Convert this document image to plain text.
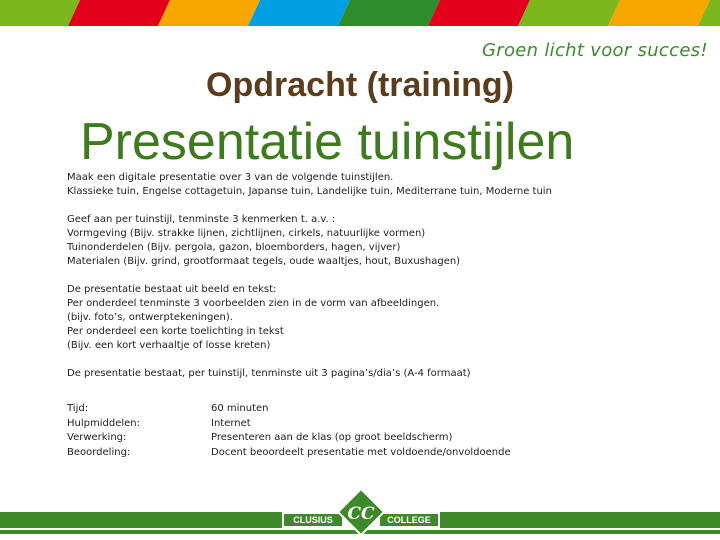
Groen licht voor succes!
Opdracht (training)
Presentatie tuinstijlen

Maak een digitale presentatie over 3 van de volgende tuinstijlen.

Klassieke tuin, Engelse cottagetuin, Japanse tuin, Landelijke tuin, Mediterrane tuin, Moderne tuin

Geef aan per tuinstijl, tenminste 3 kenmerken t. a.v. :

Vormgeving (Bijv. strakke lijnen, zichtlijnen, cirkels, natuurlijke vormen)

Tuinonderdelen (Bijv. pergola, gazon, bloemborders, hagen, vijver)

Materialen (Bijv. grind, grootformaat tegels, oude waaltjes, hout, Buxushagen)

De presentatie bestaat uit beeld en tekst:

Per onderdeel tenminste 3 voorbeelden zien in de vorm van afbeeldingen.

(bijv. foto’s, ontwerptekeningen).

Per onderdeel een korte toelichting in tekst

(Bijv. een kort verhaaltje of losse kreten)

De presentatie bestaat, per tuinstijl, tenminste uit 3 pagina’s/dia’s (A-4 formaat)

Tijd:	60 minuten
Hulpmiddelen:	Internet
Verwerking:	Presenteren aan de klas (op groot beeldscherm)
Beoordeling:	Docent beoordeelt presentatie met voldoende/onvoldoende
CLUSIUS CC COLLEGE
